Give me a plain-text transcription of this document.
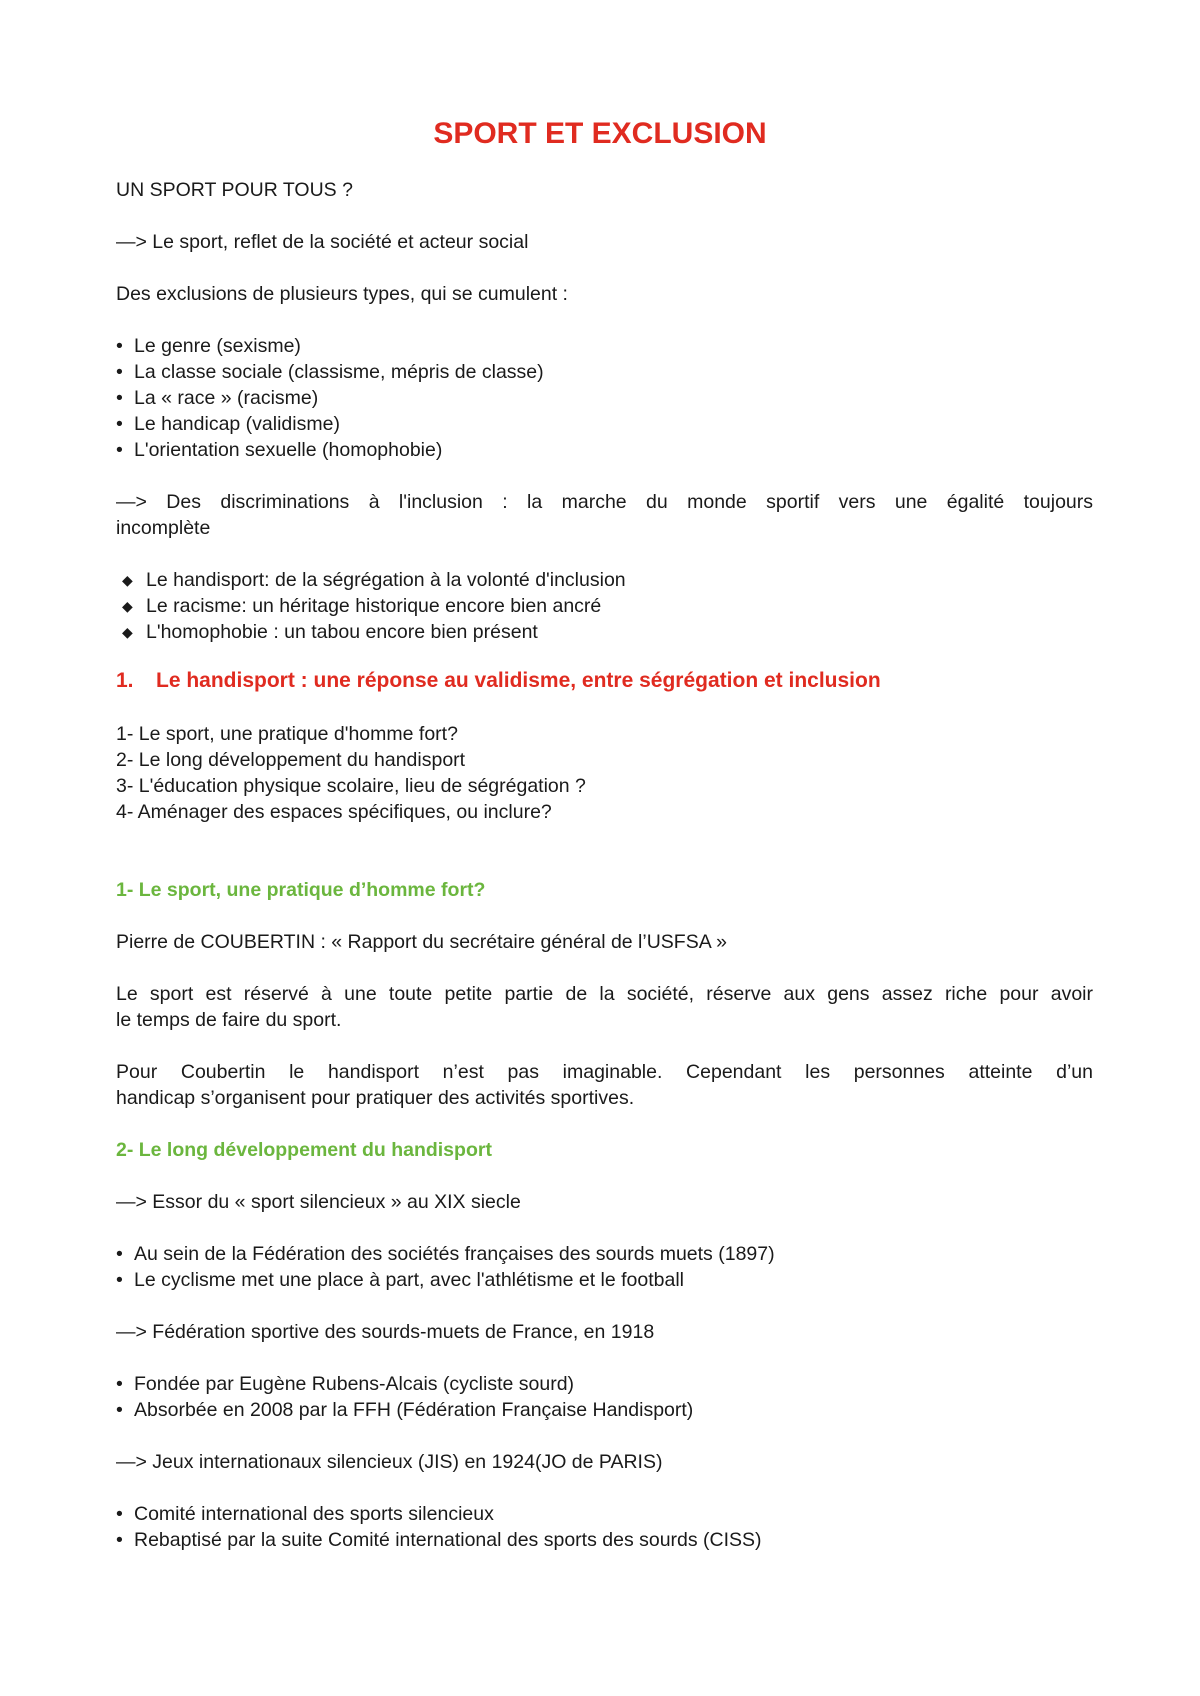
SPORT ET EXCLUSION

UN SPORT POUR TOUS ?

—> Le sport, reflet de la société et acteur social

Des exclusions de plusieurs types, qui se cumulent :

• Le genre (sexisme)
• La classe sociale (classisme, mépris de classe)
• La « race » (racisme)
• Le handicap (validisme)
• L'orientation sexuelle (homophobie)

—> Des discriminations à l'inclusion : la marche du monde sportif vers une égalité toujours

incomplète

◆ Le handisport: de la ségrégation à la volonté d'inclusion
◆ Le racisme: un héritage historique encore bien ancré
◆ L'homophobie : un tabou encore bien présent
1. Le handisport : une réponse au validisme, entre ségrégation et inclusion

1- Le sport, une pratique d'homme fort?

2- Le long développement du handisport

3- L'éducation physique scolaire, lieu de ségrégation ?

4- Aménager des espaces spécifiques, ou inclure?

1- Le sport, une pratique d’homme fort?

Pierre de COUBERTIN : « Rapport du secrétaire général de l’USFSA »

Le sport est réservé à une toute petite partie de la société, réserve aux gens assez riche pour avoir

le temps de faire du sport.

Pour Coubertin le handisport n’est pas imaginable. Cependant les personnes atteinte d’un

handicap s’organisent pour pratiquer des activités sportives.

2- Le long développement du handisport

—> Essor du « sport silencieux » au XIX siecle

• Au sein de la Fédération des sociétés françaises des sourds muets (1897)
• Le cyclisme met une place à part, avec l'athlétisme et le football

—> Fédération sportive des sourds-muets de France, en 1918

• Fondée par Eugène Rubens-Alcais (cycliste sourd)
• Absorbée en 2008 par la FFH (Fédération Française Handisport)

—> Jeux internationaux silencieux (JIS) en 1924(JO de PARIS)

• Comité international des sports silencieux
• Rebaptisé par la suite Comité international des sports des sourds (CISS)
